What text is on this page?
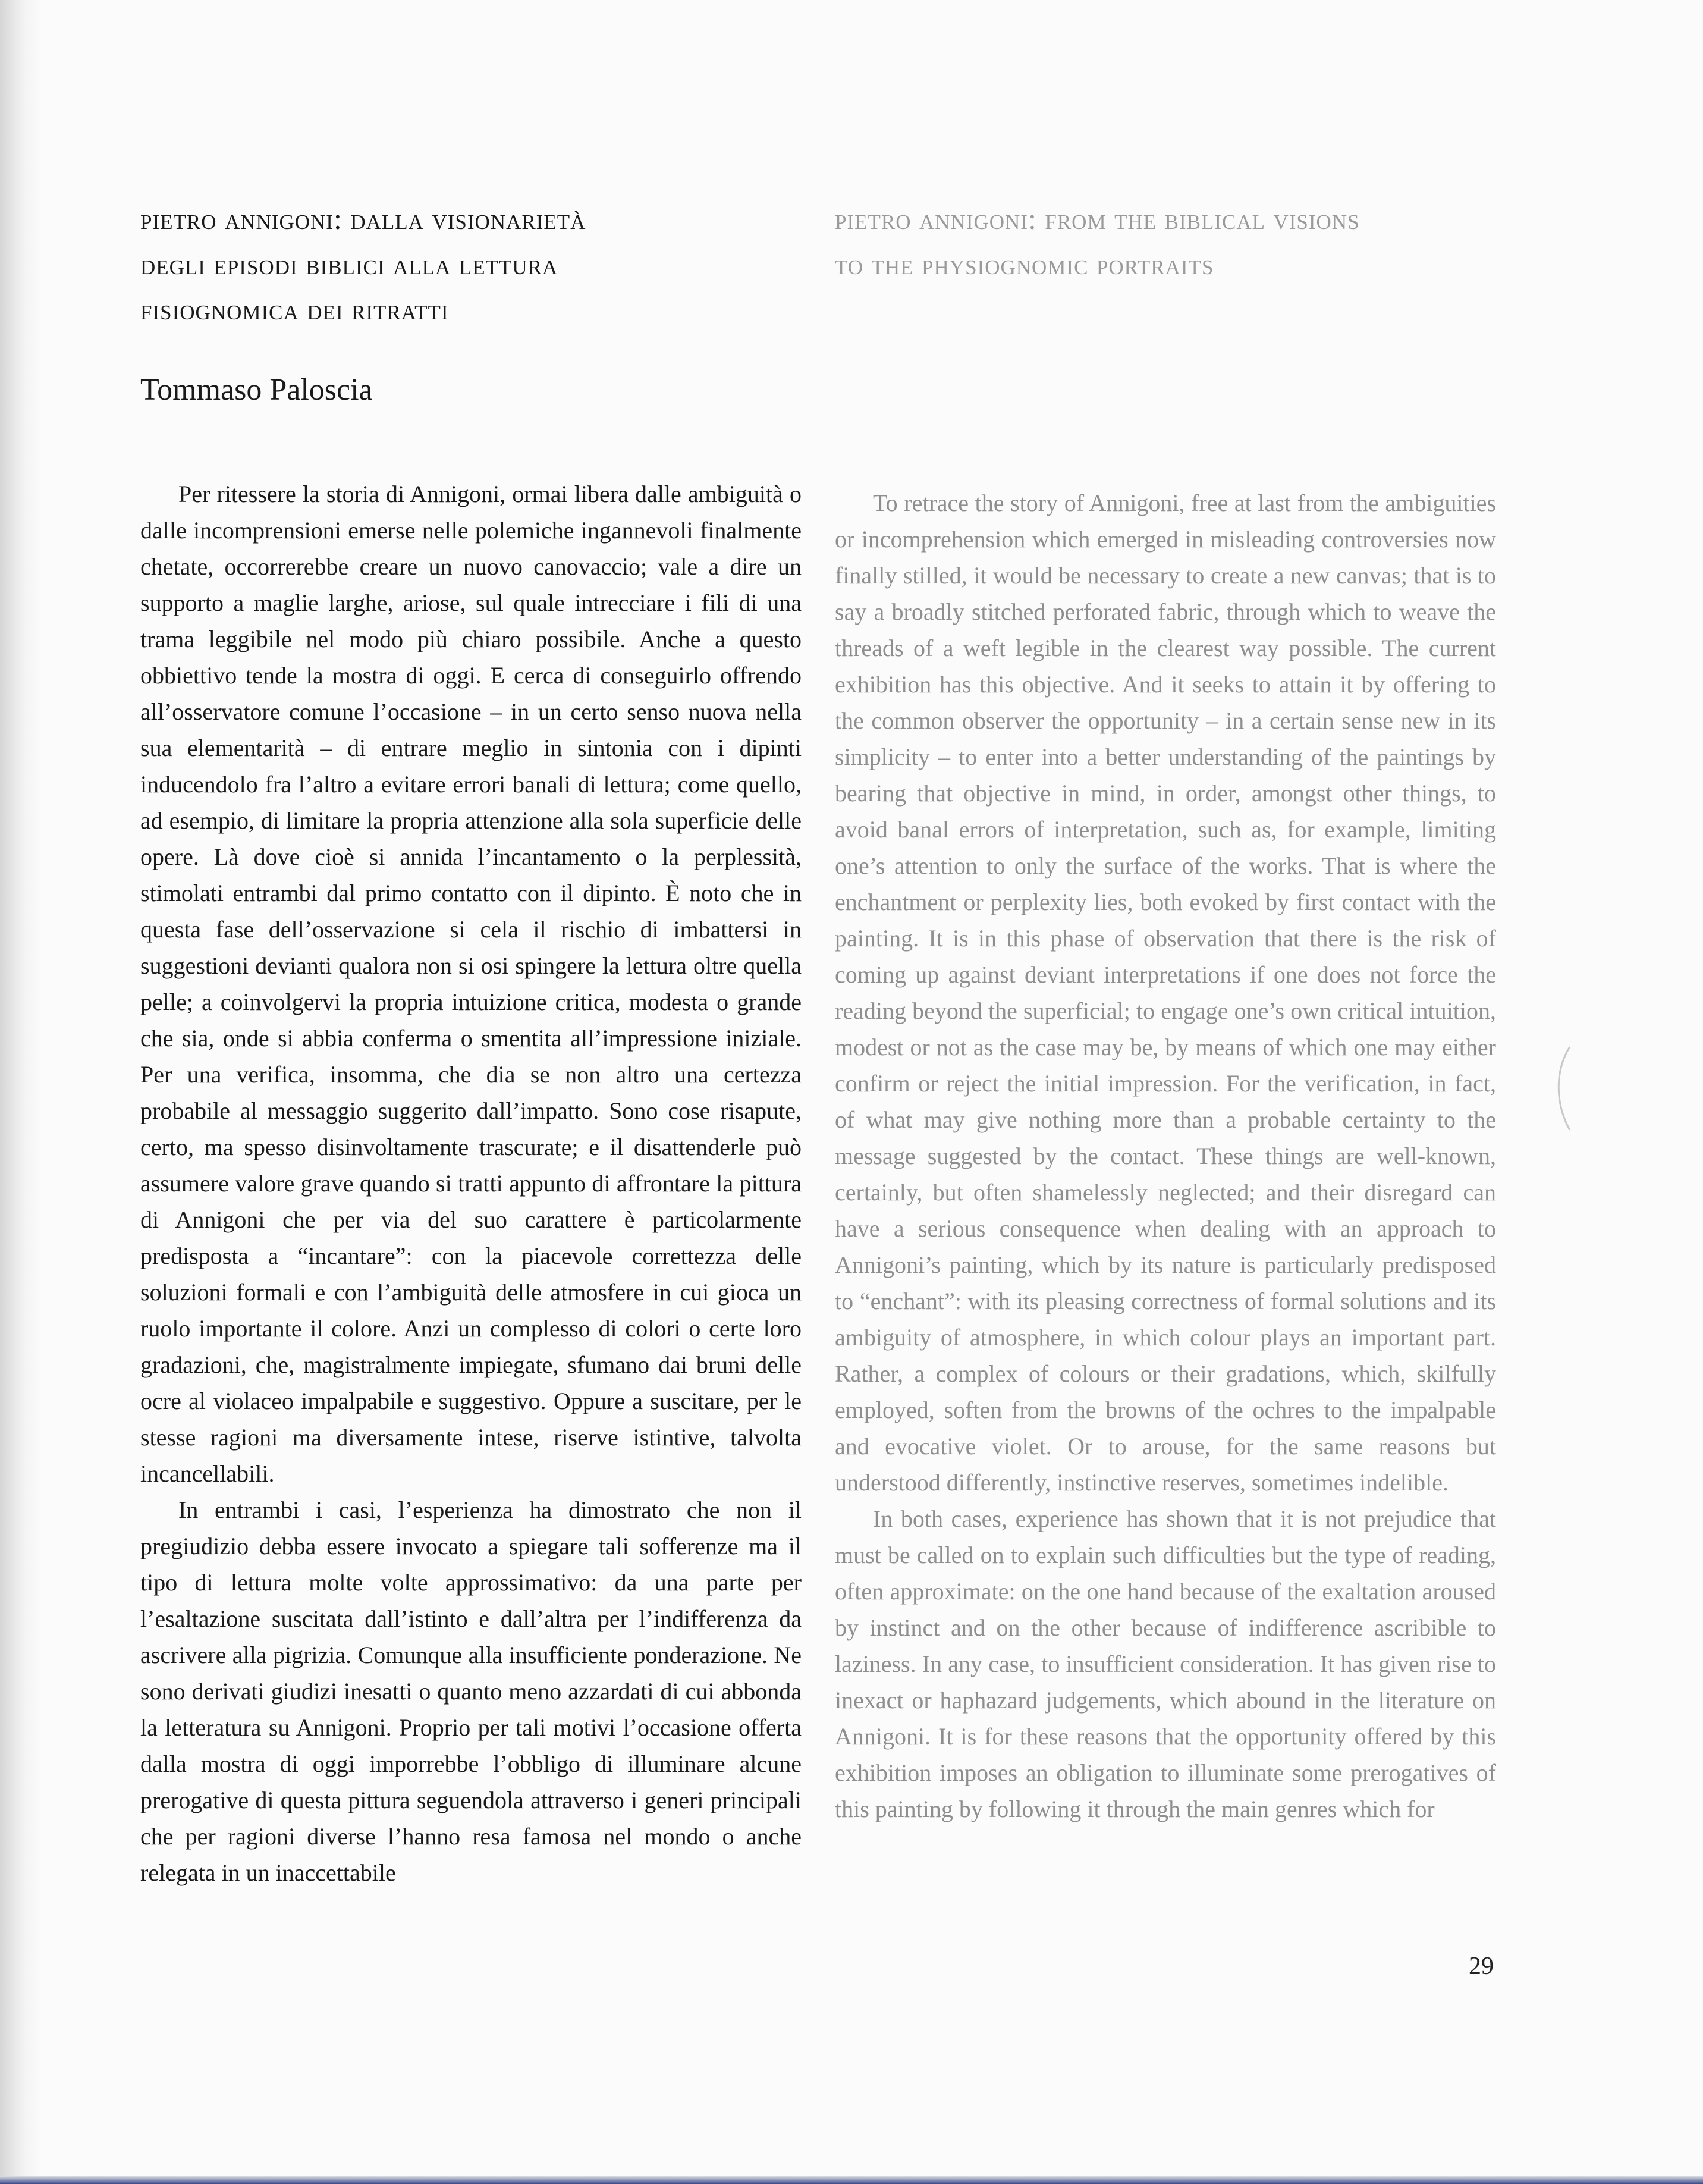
pietro annigoni: dalla visionarietà
degli episodi biblici alla lettura
fisiognomica dei ritratti
Tommaso Paloscia

Per ritessere la storia di Annigoni, ormai libera dalle ambiguità o dalle incomprensioni emerse nelle polemiche ingannevoli finalmente chetate, occorrerebbe creare un nuovo canovaccio; vale a dire un supporto a maglie larghe, ariose, sul quale intrecciare i fili di una trama leggibile nel modo più chiaro possibile. Anche a questo obbiettivo tende la mostra di oggi. E cerca di conseguirlo offrendo all’osservatore comune l’occasione – in un certo senso nuova nella sua elementarità – di entrare meglio in sintonia con i dipinti inducendolo fra l’altro a evitare errori banali di lettura; come quello, ad esempio, di limitare la propria attenzione alla sola superficie delle opere. Là dove cioè si annida l’incantamento o la perplessità, stimolati entrambi dal primo contatto con il dipinto. È noto che in questa fase dell’osservazione si cela il rischio di imbattersi in suggestioni devianti qualora non si osi spingere la lettura oltre quella pelle; a coinvolgervi la propria intuizione critica, modesta o grande che sia, onde si abbia conferma o smentita all’impressione iniziale. Per una verifica, insomma, che dia se non altro una certezza probabile al messaggio suggerito dall’impatto. Sono cose risapute, certo, ma spesso disinvoltamente trascurate; e il disattenderle può assumere valore grave quando si tratti appunto di affrontare la pittura di Annigoni che per via del suo carattere è particolarmente predisposta a “incantare”: con la piacevole correttezza delle soluzioni formali e con l’ambiguità delle atmosfere in cui gioca un ruolo importante il colore. Anzi un complesso di colori o certe loro gradazioni, che, magistralmente impiegate, sfumano dai bruni delle ocre al violaceo impalpabile e suggestivo. Oppure a suscitare, per le stesse ragioni ma diversamente intese, riserve istintive, talvolta incancellabili.

In entrambi i casi, l’esperienza ha dimostrato che non il pregiudizio debba essere invocato a spiegare tali sofferenze ma il tipo di lettura molte volte approssimativo: da una parte per l’esaltazione suscitata dall’istinto e dall’altra per l’indifferenza da ascrivere alla pigrizia. Comunque alla insufficiente ponderazione. Ne sono derivati giudizi inesatti o quanto meno azzardati di cui abbonda la letteratura su Annigoni. Proprio per tali motivi l’occasione offerta dalla mostra di oggi imporrebbe l’obbligo di illuminare alcune prerogative di questa pittura seguendola attraverso i generi principali che per ragioni diverse l’hanno resa famosa nel mondo o anche relegata in un inaccettabile

pietro annigoni: from the biblical visions
to the physiognomic portraits

To retrace the story of Annigoni, free at last from the ambiguities or incomprehension which emerged in misleading controversies now finally stilled, it would be necessary to create a new canvas; that is to say a broadly stitched perforated fabric, through which to weave the threads of a weft legible in the clearest way possible. The current exhibition has this objective. And it seeks to attain it by offering to the common observer the opportunity – in a certain sense new in its simplicity – to enter into a better understanding of the paintings by bearing that objective in mind, in order, amongst other things, to avoid banal errors of interpretation, such as, for example, limiting one’s attention to only the surface of the works. That is where the enchantment or perplexity lies, both evoked by first contact with the painting. It is in this phase of observation that there is the risk of coming up against deviant interpretations if one does not force the reading beyond the superficial; to engage one’s own critical intuition, modest or not as the case may be, by means of which one may either confirm or reject the initial impression. For the verification, in fact, of what may give nothing more than a probable certainty to the message suggested by the contact. These things are well-known, certainly, but often shamelessly neglected; and their disregard can have a serious consequence when dealing with an approach to Annigoni’s painting, which by its nature is particularly predisposed to “enchant”: with its pleasing correctness of formal solutions and its ambiguity of atmosphere, in which colour plays an important part. Rather, a complex of colours or their gradations, which, skilfully employed, soften from the browns of the ochres to the impalpable and evocative violet. Or to arouse, for the same reasons but understood differently, instinctive reserves, sometimes indelible.

In both cases, experience has shown that it is not prejudice that must be called on to explain such difficulties but the type of reading, often approximate: on the one hand because of the exaltation aroused by instinct and on the other because of indifference ascribible to laziness. In any case, to insufficient consideration. It has given rise to inexact or haphazard judgements, which abound in the literature on Annigoni. It is for these reasons that the opportunity offered by this exhibition imposes an obligation to illuminate some prerogatives of this painting by following it through the main genres which for

29
